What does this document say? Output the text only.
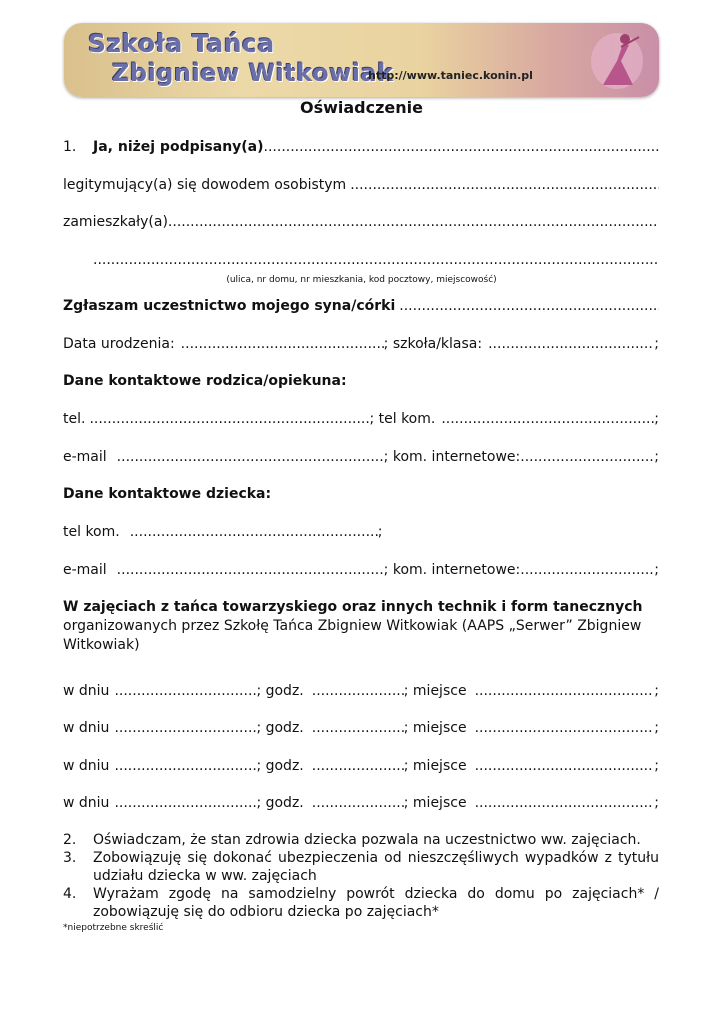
Szkoła Tańca
Zbigniew Witkowiak
http://www.taniec.konin.pl
Oświadczenie
1.	Ja, niżej podpisany(a)
.....
legitymujący(a) się dowodem osobistym
.....
zamieszkały(a)
.....
.....
(ulica, nr domu, nr mieszkania, kod pocztowy, miejscowość)
Zgłaszam uczestnictwo mojego syna/córki
.....
Data urodzenia: .....	; szkoła/klasa: .....	;
Dane kontaktowe rodzica/opiekuna:
tel. .....	; tel kom. .....	;
e-mail .....	; kom. internetowe: .....	;
Dane kontaktowe dziecka:
tel kom. .....	;
e-mail .....	; kom. internetowe: .....	;
W zajęciach z tańca towarzyskiego oraz innych technik i form tanecznych
organizowanych przez Szkołę Tańca Zbigniew Witkowiak (AAPS „Serwer” Zbigniew Witkowiak)
w dniu .....	; godz. .....	; miejsce .....	;
w dniu .....	; godz. .....	; miejsce .....	;
w dniu .....	; godz. .....	; miejsce .....	;
w dniu .....	; godz. .....	; miejsce .....	;
2.	Oświadczam, że stan zdrowia dziecka pozwala na uczestnictwo ww. zajęciach.
3.	Zobowiązuję się dokonać ubezpieczenia od nieszczęśliwych wypadków z tytułu udziału dziecka w ww. zajęciach
4.	Wyrażam zgodę na samodzielny powrót dziecka do domu po zajęciach* / zobowiązuję się do odbioru dziecka po zajęciach*
*niepotrzebne skreślić
